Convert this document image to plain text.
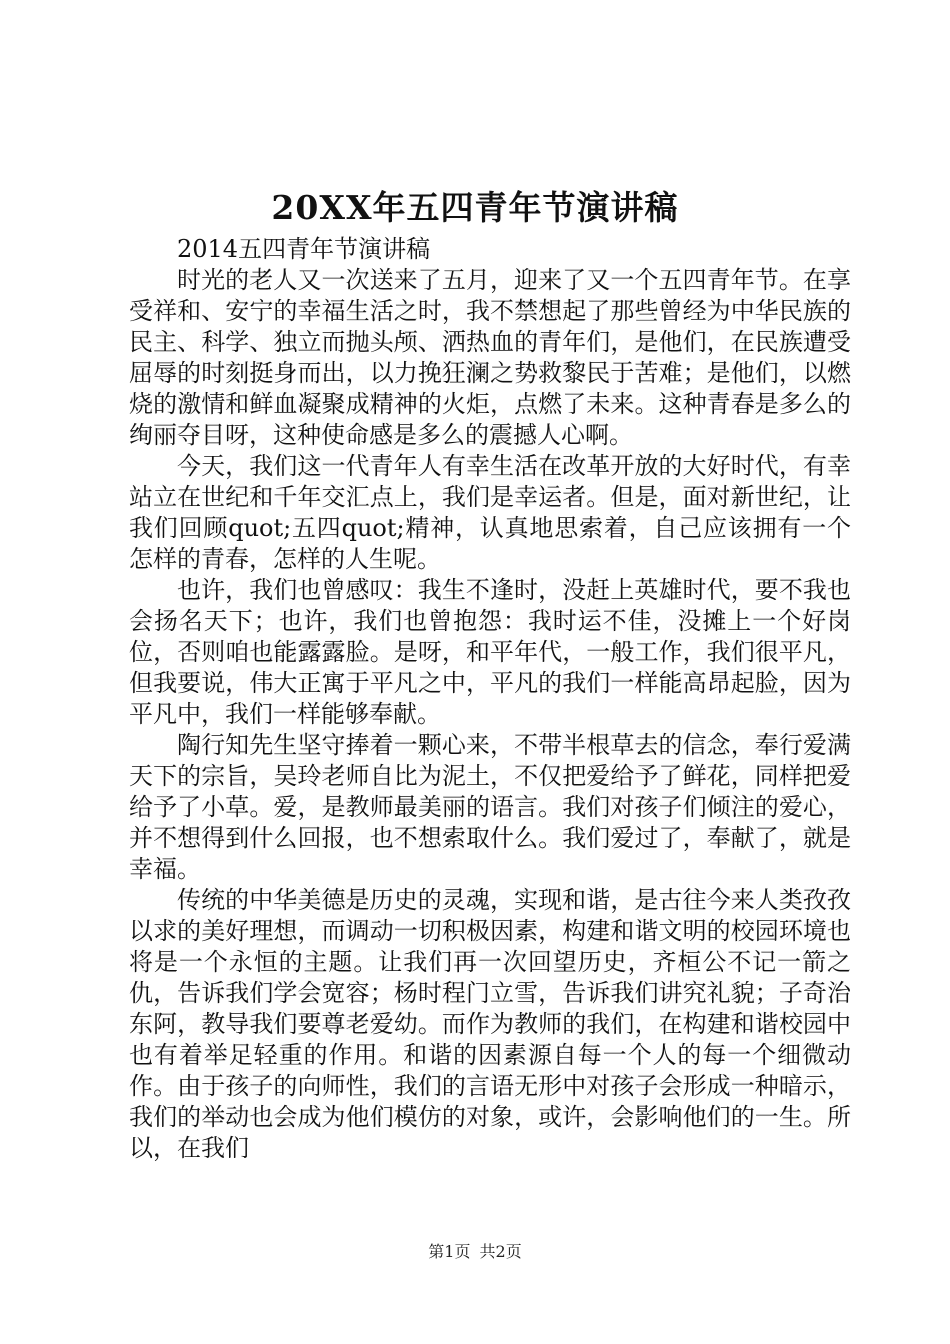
20XX年五四青年节演讲稿

2014五四青年节演讲稿

时光的老人又一次送来了五月，迎来了又一个五四青年节。在享受祥和、安宁的幸福生活之时，我不禁想起了那些曾经为中华民族的民主、科学、独立而抛头颅、洒热血的青年们，是他们，在民族遭受屈辱的时刻挺身而出，以力挽狂澜之势救黎民于苦难；是他们，以燃烧的激情和鲜血凝聚成精神的火炬，点燃了未来。这种青春是多么的绚丽夺目呀，这种使命感是多么的震撼人心啊。

今天，我们这一代青年人有幸生活在改革开放的大好时代，有幸站立在世纪和千年交汇点上，我们是幸运者。但是，面对新世纪，让我们回顾quot;五四quot;精神，认真地思索着，自己应该拥有一个怎样的青春，怎样的人生呢。

也许，我们也曾感叹：我生不逢时，没赶上英雄时代，要不我也会扬名天下；也许，我们也曾抱怨：我时运不佳，没摊上一个好岗位，否则咱也能露露脸。是呀，和平年代，一般工作，我们很平凡，但我要说，伟大正寓于平凡之中，平凡的我们一样能高昂起脸，因为平凡中，我们一样能够奉献。

陶行知先生坚守捧着一颗心来，不带半根草去的信念，奉行爱满天下的宗旨，吴玲老师自比为泥土，不仅把爱给予了鲜花，同样把爱给予了小草。爱，是教师最美丽的语言。我们对孩子们倾注的爱心，并不想得到什么回报，也不想索取什么。我们爱过了，奉献了，就是幸福。

传统的中华美德是历史的灵魂，实现和谐，是古往今来人类孜孜以求的美好理想，而调动一切积极因素，构建和谐文明的校园环境也将是一个永恒的主题。让我们再一次回望历史，齐桓公不记一箭之仇，告诉我们学会宽容；杨时程门立雪，告诉我们讲究礼貌；子奇治东阿，教导我们要尊老爱幼。而作为教师的我们，在构建和谐校园中也有着举足轻重的作用。和谐的因素源自每一个人的每一个细微动作。由于孩子的向师性，我们的言语无形中对孩子会形成一种暗示，我们的举动也会成为他们模仿的对象，或许，会影响他们的一生。所以，在我们

第1页 共2页
